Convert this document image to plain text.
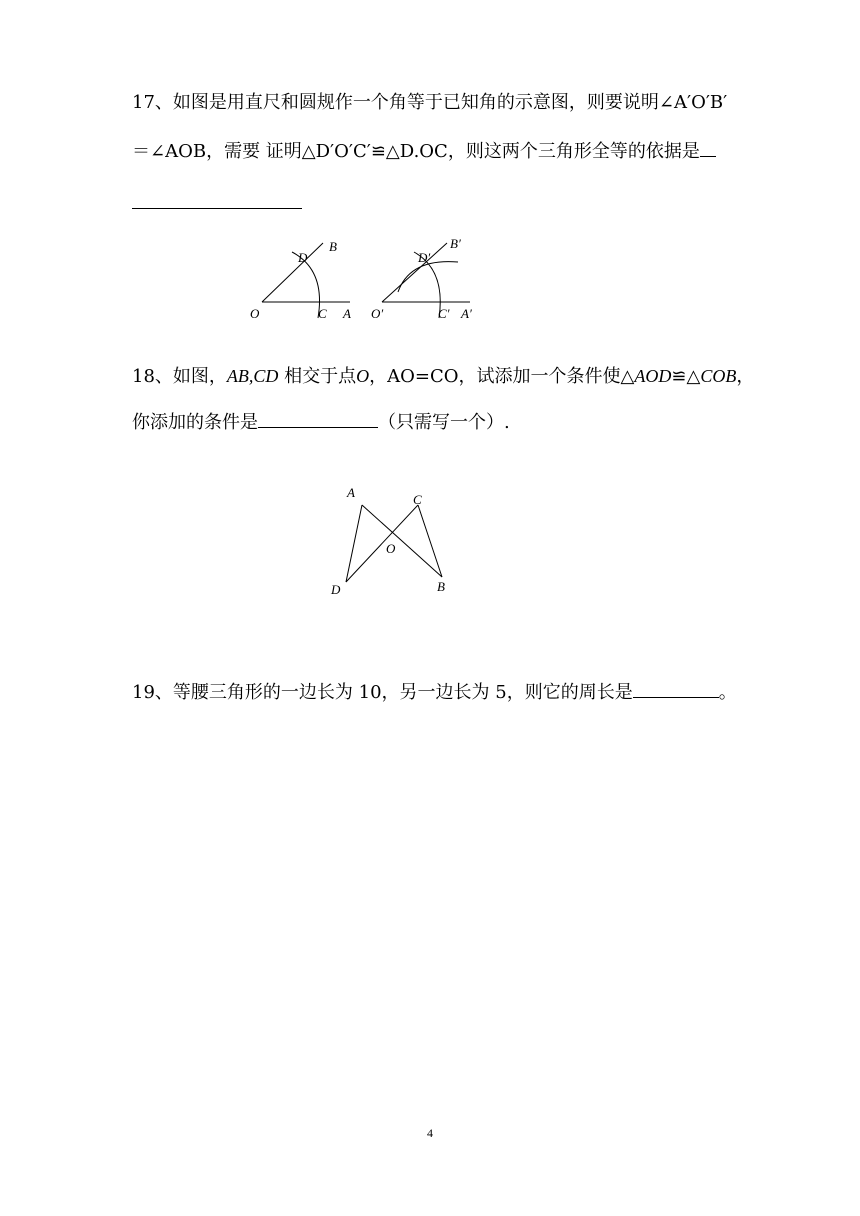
17、如图是用直尺和圆规作一个角等于已知角的示意图，则要说明∠A′O′B′
＝∠AOB，需要 证明△D′O′C′≌△D.OC，则这两个三角形全等的依据是
O	C A
D
B
O′	C′ A′
D′
B′
A	C
O
D	B
18、如图，AB,CD 相交于点O，AO=CO，试添加一个条件使△AOD≌△COB，
你添加的条件是	（只需写一个）.
19、等腰三角形的一边长为 10，另一边长为 5，则它的周长是	。
4
